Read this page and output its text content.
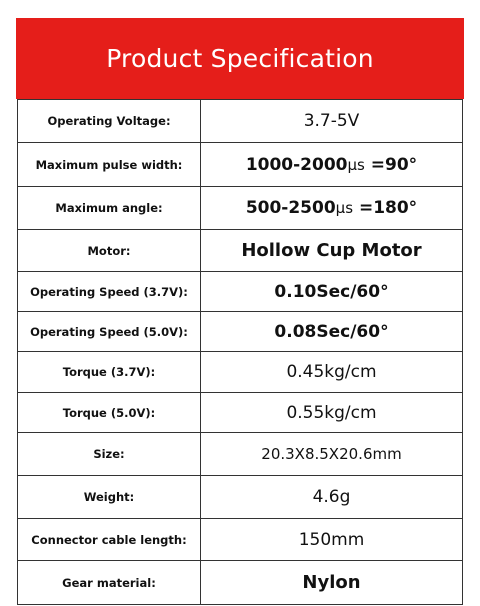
Product Specification
Operating Voltage:	3.7-5V
Maximum pulse width:	1000-2000μs =90°
Maximum angle:	500-2500μs =180°
Motor:	Hollow Cup Motor
Operating Speed (3.7V):	0.10Sec/60°
Operating Speed (5.0V):	0.08Sec/60°
Torque (3.7V):	0.45kg/cm
Torque (5.0V):	0.55kg/cm
Size:	20.3X8.5X20.6mm
Weight:	4.6g
Connector cable length:	150mm
Gear material:	Nylon
